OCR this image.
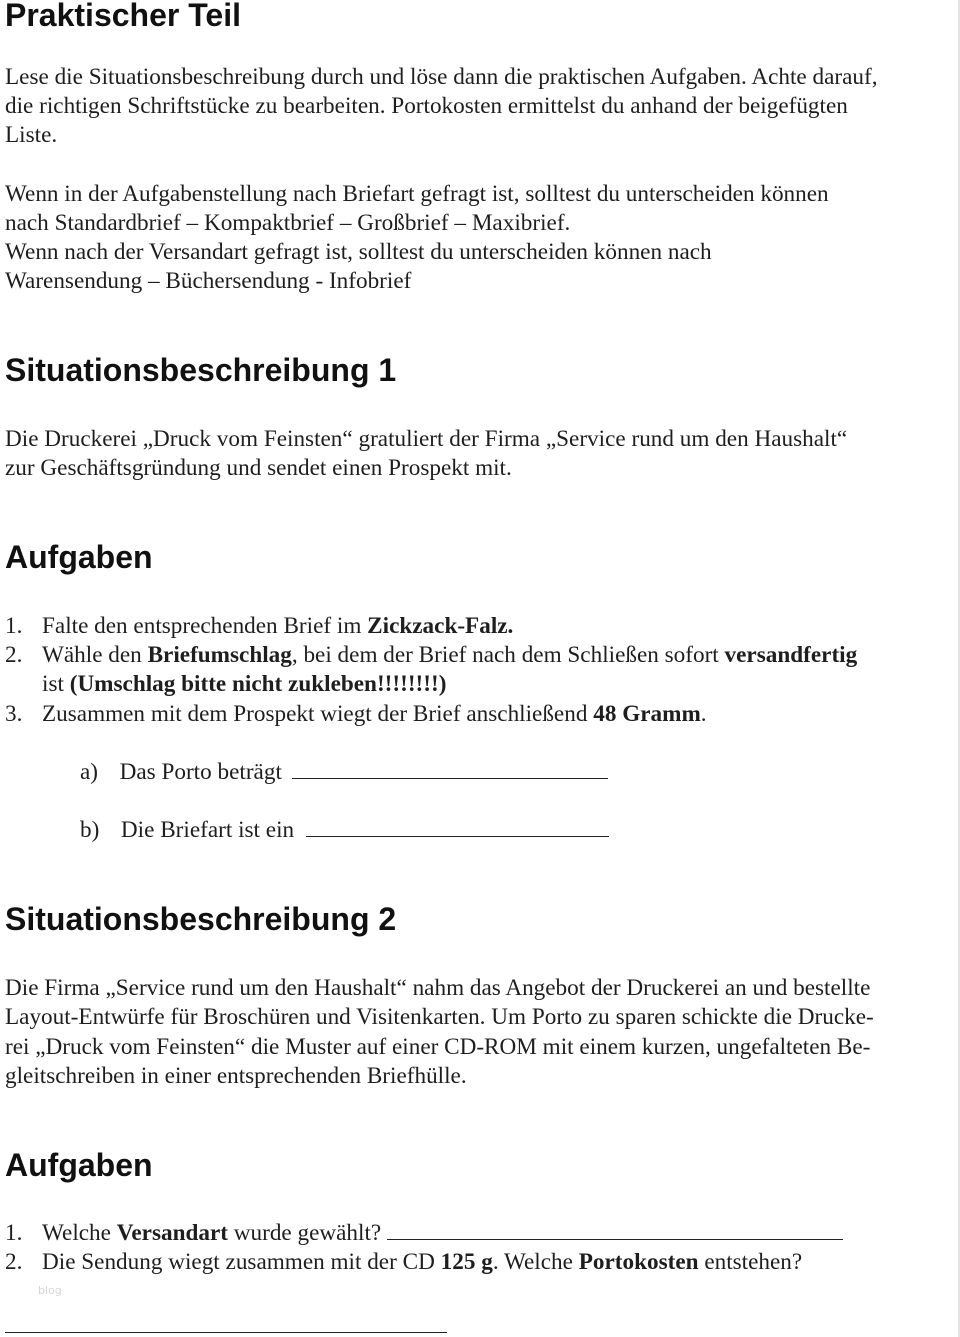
Praktischer Teil

Lese die Situationsbeschreibung durch und löse dann die praktischen Aufgaben. Achte darauf,

die richtigen Schriftstücke zu bearbeiten. Portokosten ermittelst du anhand der beigefügten

Liste.

Wenn in der Aufgabenstellung nach Briefart gefragt ist, solltest du unterscheiden können

nach Standardbrief – Kompaktbrief – Großbrief – Maxibrief.

Wenn nach der Versandart gefragt ist, solltest du unterscheiden können nach

Warensendung – Büchersendung - Infobrief

Situationsbeschreibung 1

Die Druckerei „Druck vom Feinsten“ gratuliert der Firma „Service rund um den Haushalt“

zur Geschäftsgründung und sendet einen Prospekt mit.

Aufgaben
1. Falte den entsprechenden Brief im Zickzack-Falz.
2. Wähle den Briefumschlag, bei dem der Brief nach dem Schließen sofort versandfertig
ist (Umschlag bitte nicht zukleben!!!!!!!!)
3. Zusammen mit dem Prospekt wiegt der Brief anschließend 48 Gramm.
a) Das Porto beträgt
b) Die Briefart ist ein
Situationsbeschreibung 2

Die Firma „Service rund um den Haushalt“ nahm das Angebot der Druckerei an und bestellte

Layout-Entwürfe für Broschüren und Visitenkarten. Um Porto zu sparen schickte die Drucke-

rei „Druck vom Feinsten“ die Muster auf einer CD-ROM mit einem kurzen, ungefalteten Be-

gleitschreiben in einer entsprechenden Briefhülle.

Aufgaben
1. Welche Versandart wurde gewählt?
2. Die Sendung wiegt zusammen mit der CD 125 g. Welche Portokosten entstehen?
blog
